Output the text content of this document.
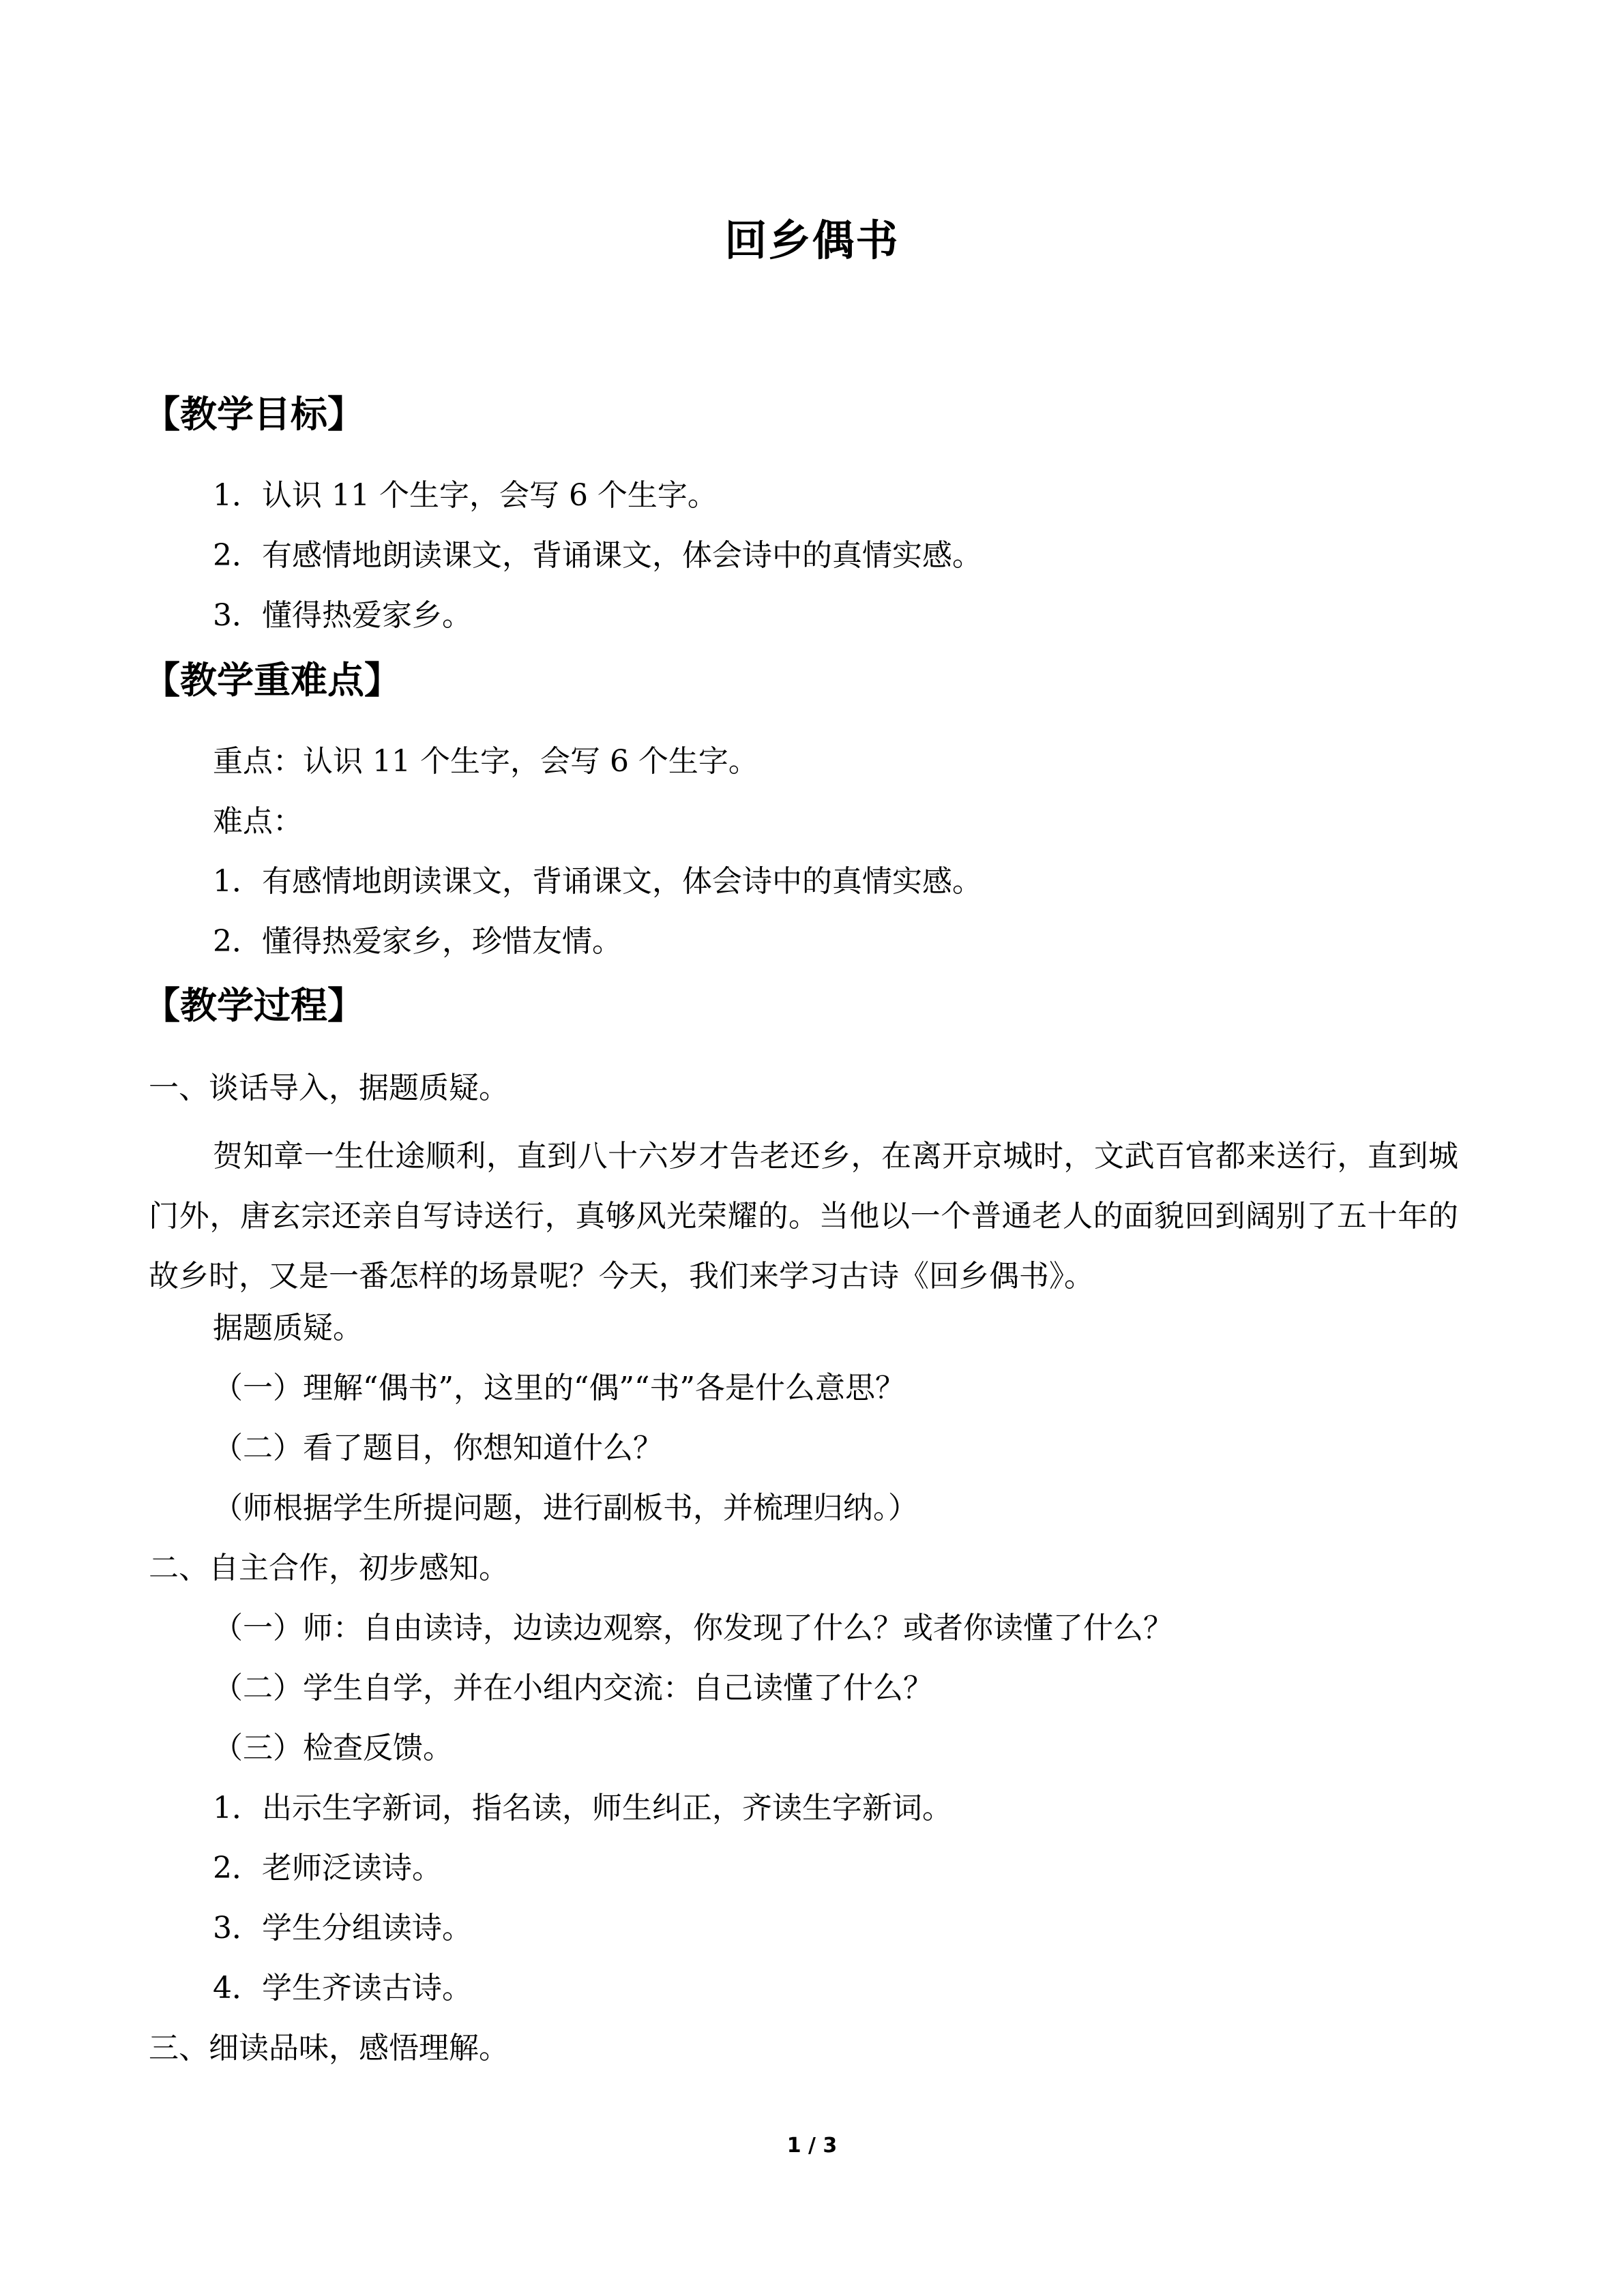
回乡偶书
【教学目标】
1．认识 11 个生字，会写 6 个生字。
2．有感情地朗读课文，背诵课文，体会诗中的真情实感。
3．懂得热爱家乡。
【教学重难点】
重点：认识 11 个生字，会写 6 个生字。
难点：
1．有感情地朗读课文，背诵课文，体会诗中的真情实感。
2．懂得热爱家乡，珍惜友情。
【教学过程】
一、谈话导入，据题质疑。
贺知章一生仕途顺利，直到八十六岁才告老还乡，在离开京城时，文武百官都来送行，直到城门外，唐玄宗还亲自写诗送行，真够风光荣耀的。当他以一个普通老人的面貌回到阔别了五十年的故乡时，又是一番怎样的场景呢？今天，我们来学习古诗《回乡偶书》。
据题质疑。
（一）理解“偶书”，这里的“偶”“书”各是什么意思？
（二）看了题目，你想知道什么？
（师根据学生所提问题，进行副板书，并梳理归纳。）
二、自主合作，初步感知。
（一）师：自由读诗，边读边观察，你发现了什么？或者你读懂了什么？
（二）学生自学，并在小组内交流：自己读懂了什么？
（三）检查反馈。
1．出示生字新词，指名读，师生纠正，齐读生字新词。
2．老师泛读诗。
3．学生分组读诗。
4．学生齐读古诗。
三、细读品味，感悟理解。
1 / 3
